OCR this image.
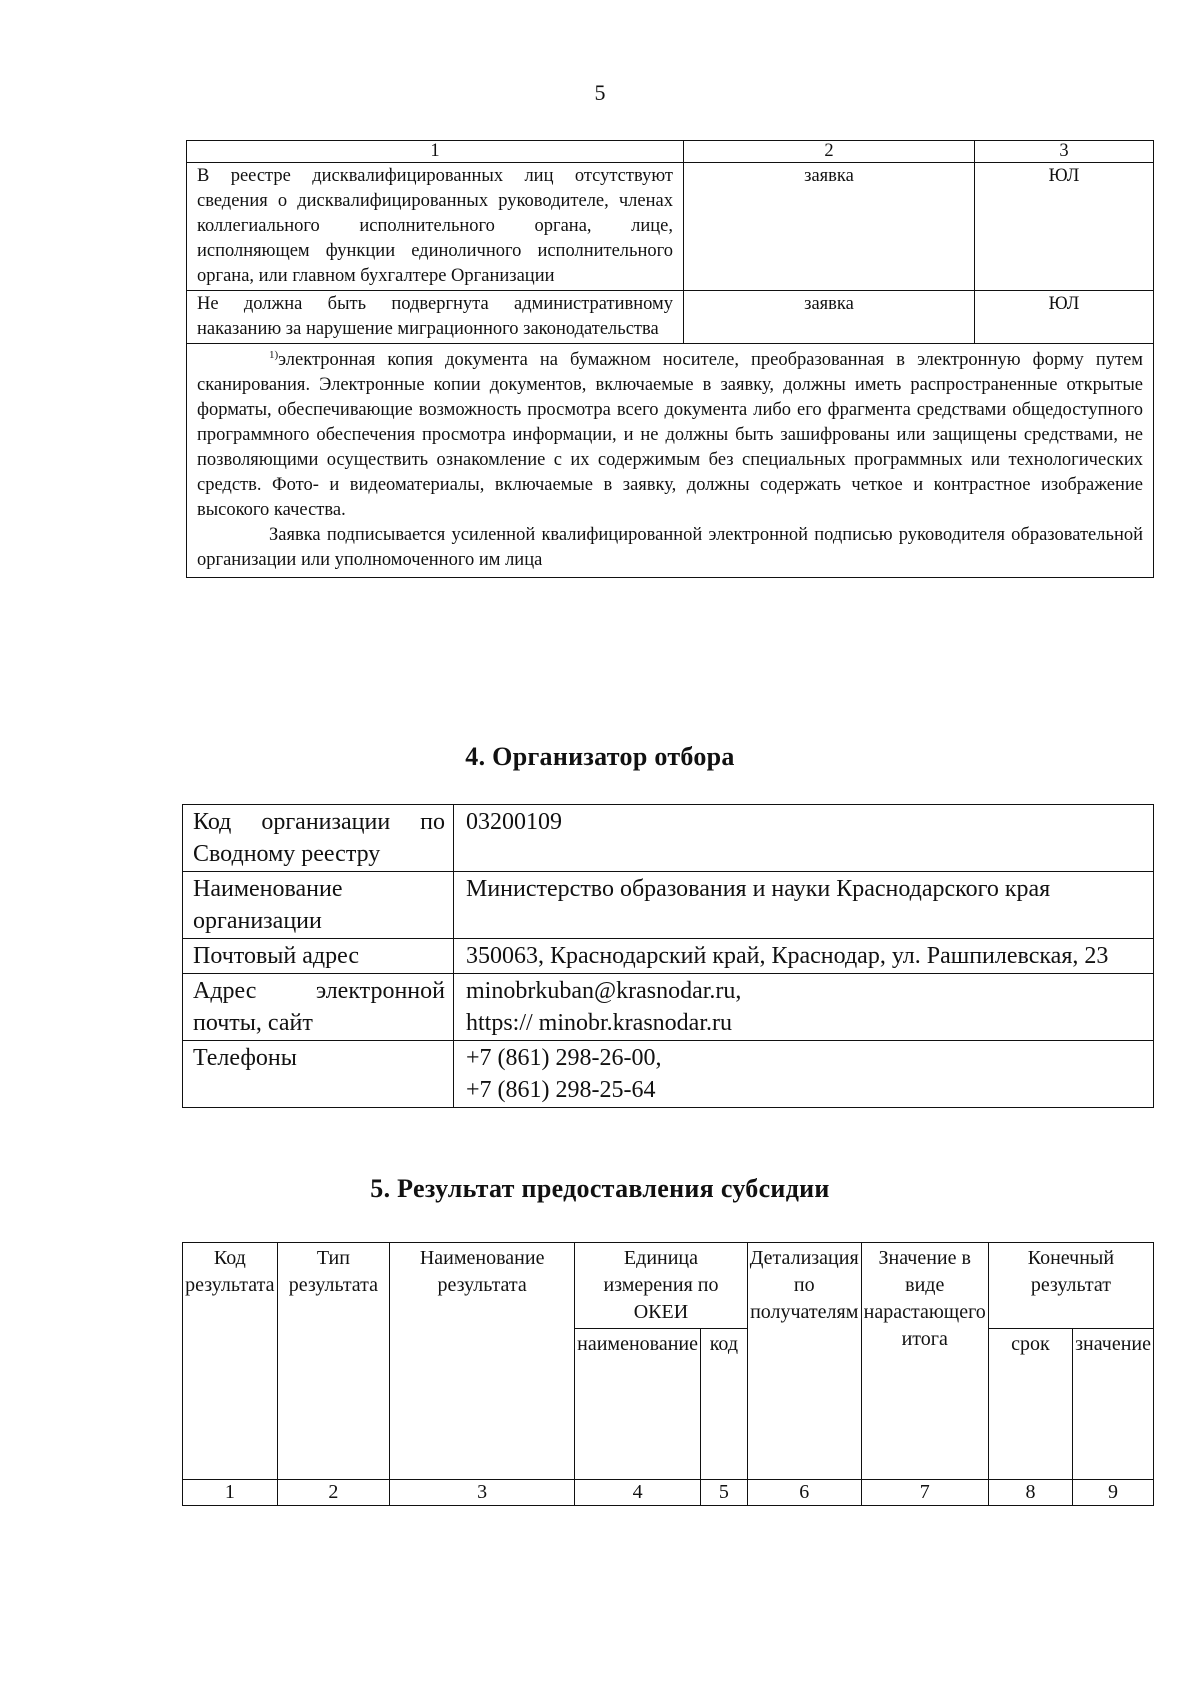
5
1	2	3
В реестре дисквалифицированных лиц отсутствуют сведения о дисквалифицированных руководителе, членах коллегиального исполнительного органа, лице, исполняющем функции единоличного исполнительного органа, или главном бухгалтере Организации	заявка	ЮЛ
Не должна быть подвергнута административному наказанию за нарушение миграционного законодательства	заявка	ЮЛ

$^{1)}$электронная копия документа на бумажном носителе, преобразованная в электронную форму путем сканирования. Электронные копии документов, включаемые в заявку, должны иметь распространенные открытые форматы, обеспечивающие возможность просмотра всего документа либо его фрагмента средствами общедоступного программного обеспечения просмотра информации, и не должны быть зашифрованы или защищены средствами, не позволяющими осуществить ознакомление с их содержимым без специальных программных или технологических средств. Фото- и видеоматериалы, включаемые в заявку, должны содержать четкое и контрастное изображение высокого качества.
Заявка подписывается усиленной квалифицированной электронной подписью руководителя образовательной организации или уполномоченного им лица		
4. Организатор отбора
Код организации по Сводному реестру	03200109
Наименование организации	Министерство образования и науки Краснодарского края
Почтовый адрес	350063, Краснодарский край, Краснодар, ул. Рашпилевская, 23
Адрес электронной почты, сайт	minobrkuban@krasnodar.ru,
https:// minobr.krasnodar.ru

Телефоны	+7 (861) 298-26-00,
+7 (861) 298-25-64
5. Результат предоставления субсидии
Код результата	Тип результата	Наименование результата	Единица измерения по ОКЕИ		Детализация по получателям	Значение в виде нарастающего итога	Конечный результат	
			наименование	код			срок	значение
1	2	3	4	5	6	7	8	9
